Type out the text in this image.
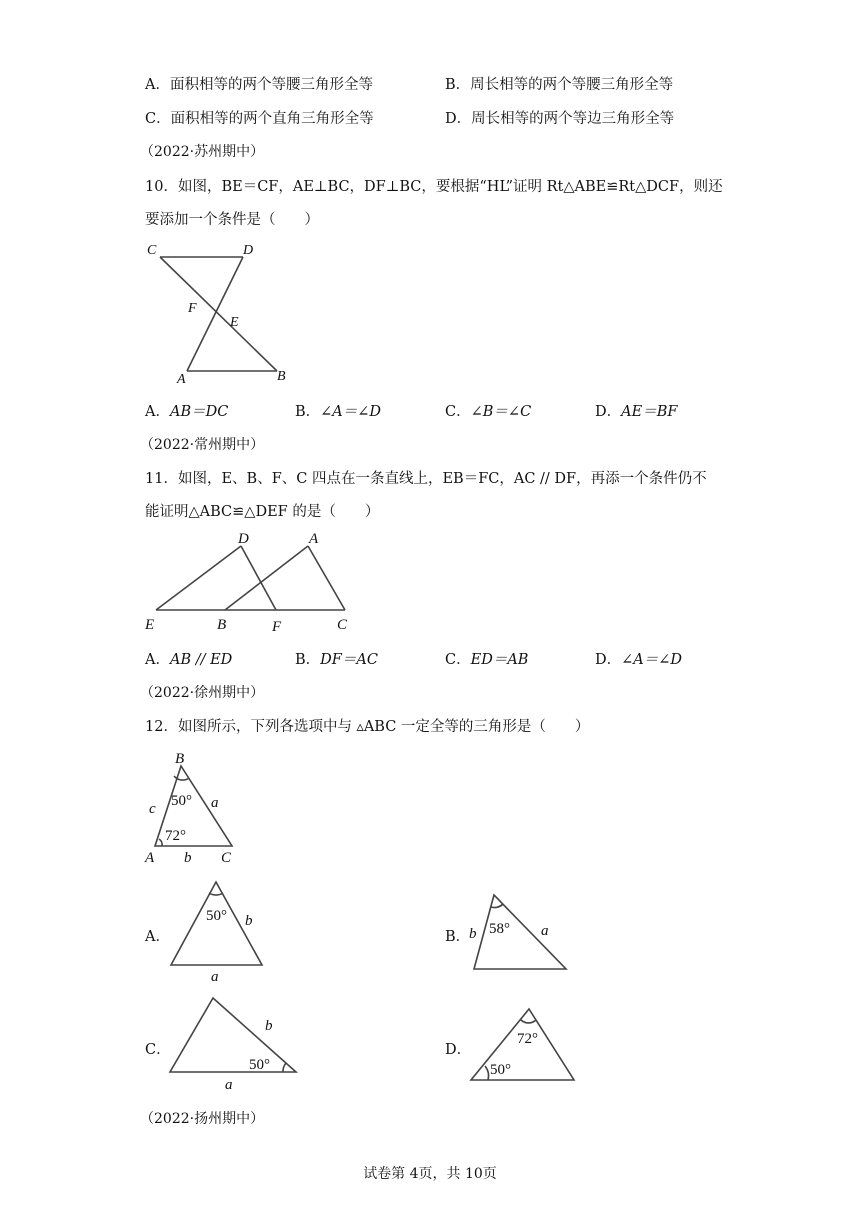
A．面积相等的两个等腰三角形全等	B．周长相等的两个等腰三角形全等
C．面积相等的两个直角三角形全等	D．周长相等的两个等边三角形全等
（2022·苏州期中）
10．如图，BE＝CF，AE⊥BC，DF⊥BC，要根据“HL”证明 Rt△ABE≌Rt△DCF，则还
要添加一个条件是（　　）
C	D
F
E
A	B
A．AB＝DC	B．∠A＝∠D	C．∠B＝∠C	D．AE＝BF
（2022·常州期中）
11．如图，E、B、F、C 四点在一条直线上，EB＝FC，AC // DF，再添一个条件仍不
能证明△ABC≌△DEF 的是（　　）
D	A
E	B	F	C
A．AB // ED	B．DF＝AC	C．ED＝AB	D．∠A＝∠D
（2022·徐州期中）
12．如图所示，下列各选项中与 ▵ABC 一定全等的三角形是（　　）
B
50°
c	a
72°
A b C
A．
50° b
a
B．
b 58° a
C．
b
50°
a
D．
72°
50°
（2022·扬州期中）
试卷第 4页，共 10页
